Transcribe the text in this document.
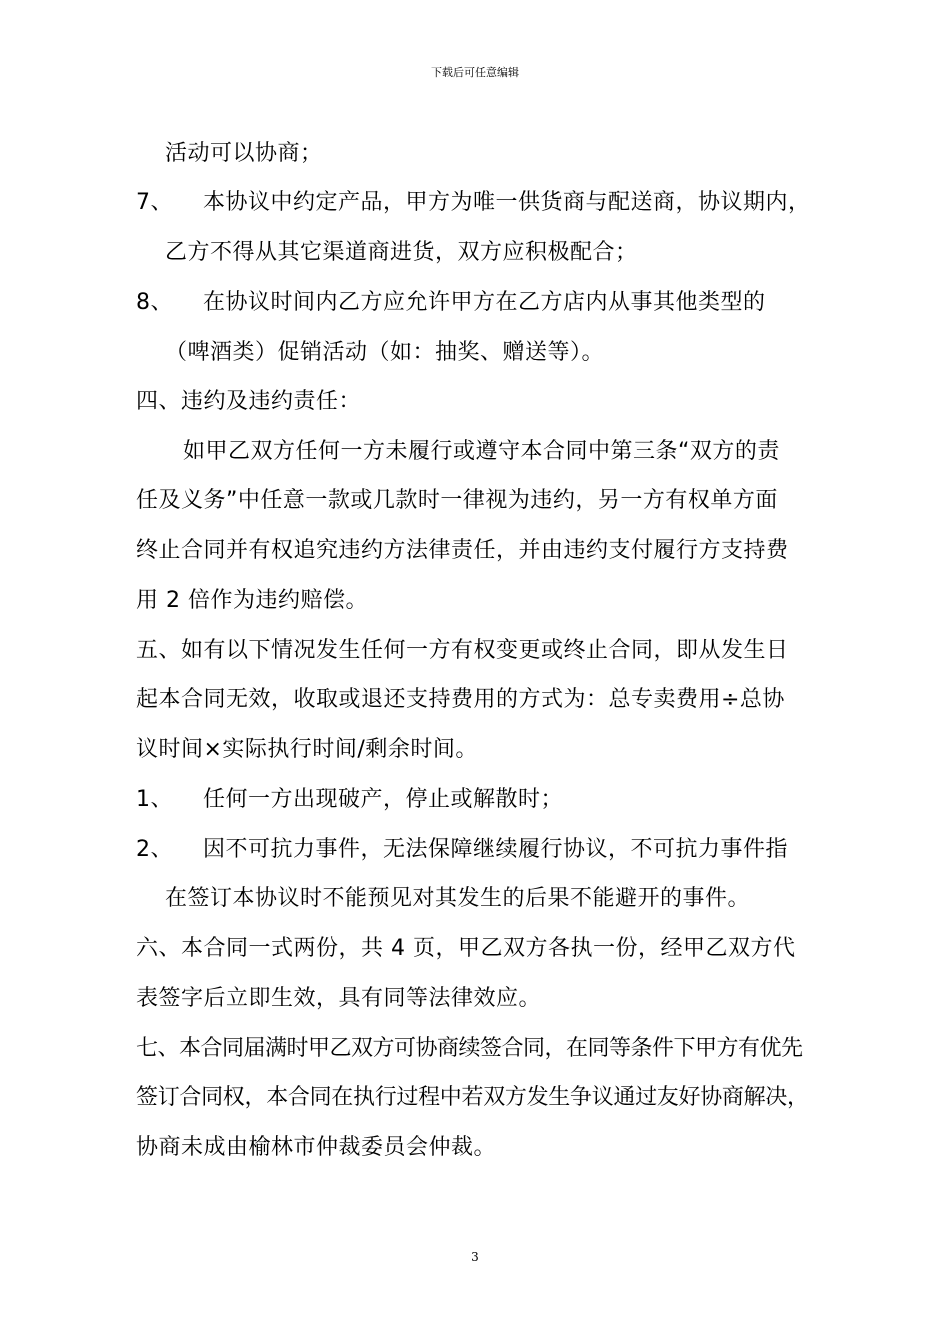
下载后可任意编辑
活动可以协商；
7、 本协议中约定产品，甲方为唯一供货商与配送商，协议期内，
乙方不得从其它渠道商进货，双方应积极配合；
8、 在协议时间内乙方应允许甲方在乙方店内从事其他类型的
（啤酒类）促销活动（如：抽奖、赠送等）。
四、违约及违约责任：
如甲乙双方任何一方未履行或遵守本合同中第三条“双方的责
任及义务”中任意一款或几款时一律视为违约，另一方有权单方面
终止合同并有权追究违约方法律责任，并由违约支付履行方支持费
用 2 倍作为违约赔偿。
五、如有以下情况发生任何一方有权变更或终止合同，即从发生日
起本合同无效，收取或退还支持费用的方式为：总专卖费用÷总协
议时间×实际执行时间/剩余时间。
1、 任何一方出现破产，停止或解散时；
2、 因不可抗力事件，无法保障继续履行协议，不可抗力事件指
在签订本协议时不能预见对其发生的后果不能避开的事件。
六、本合同一式两份，共 4 页，甲乙双方各执一份，经甲乙双方代
表签字后立即生效，具有同等法律效应。
七、本合同届满时甲乙双方可协商续签合同，在同等条件下甲方有优先
签订合同权，本合同在执行过程中若双方发生争议通过友好协商解决，
协商未成由榆林市仲裁委员会仲裁。
3
